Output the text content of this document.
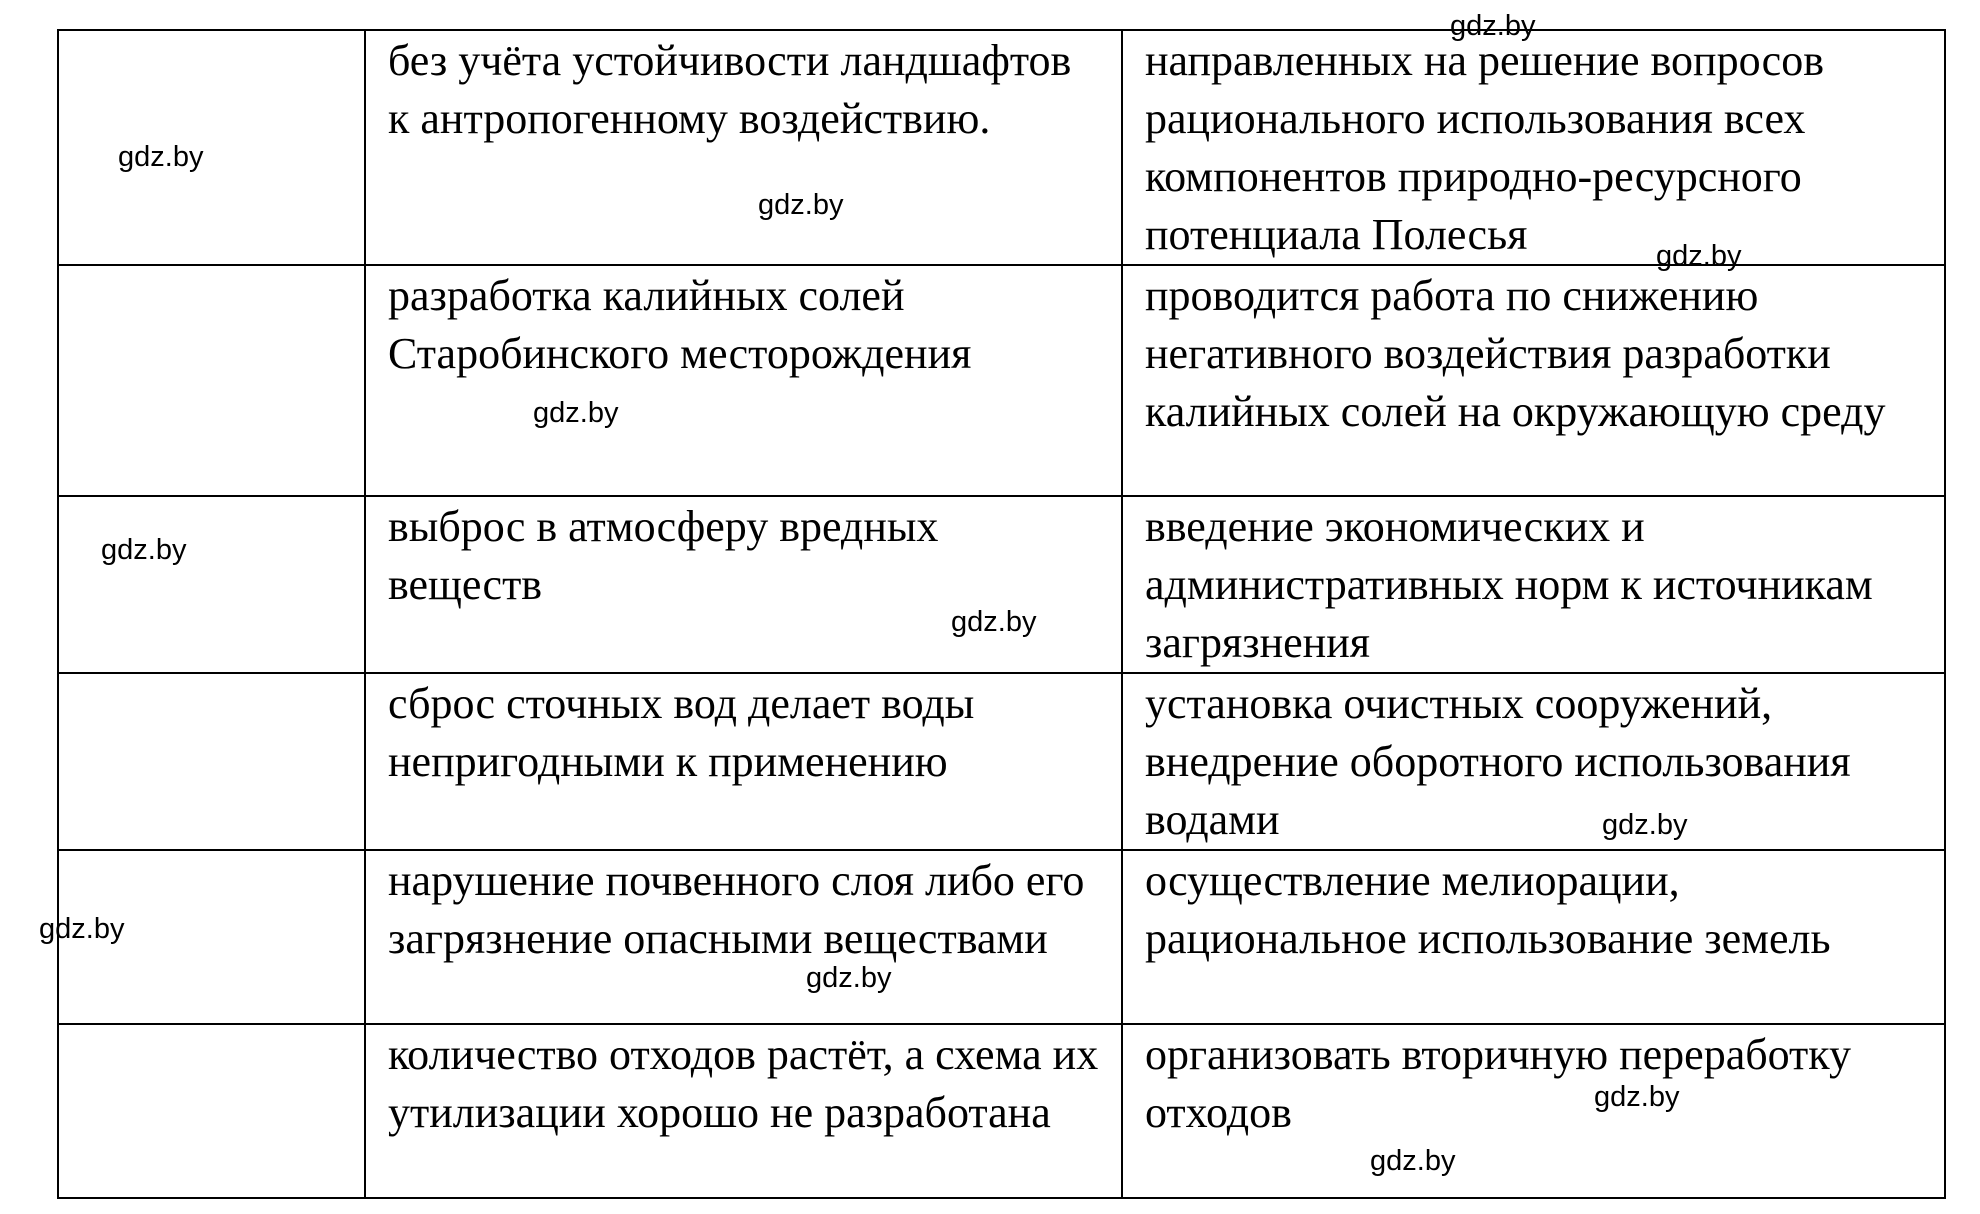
	без учёта устойчивости ландшафтов к антропогенному воздействию.	направленных на решение вопросов рационального использования всех компонентов природно-ресурсного потенциала Полесья

	разработка калийных солей Старобинского месторождения	проводится работа по снижению негативного воздействия разработки калийных солей на окружающую среду

	выброс в атмосферу вредных веществ	введение экономических и административных норм к источникам загрязнения

	сброс сточных вод делает воды непригодными к применению	установка очистных сооружений, внедрение оборотного использования водами

	нарушение почвенного слоя либо его загрязнение опасными веществами	осуществление мелиорации, рациональное использование земель

	количество отходов растёт, а схема их утилизации хорошо не разработана	организовать вторичную переработку отходов
gdz.by
gdz.by
gdz.by
gdz.by
gdz.by
gdz.by
gdz.by
gdz.by
gdz.by
gdz.by
gdz.by
gdz.by
